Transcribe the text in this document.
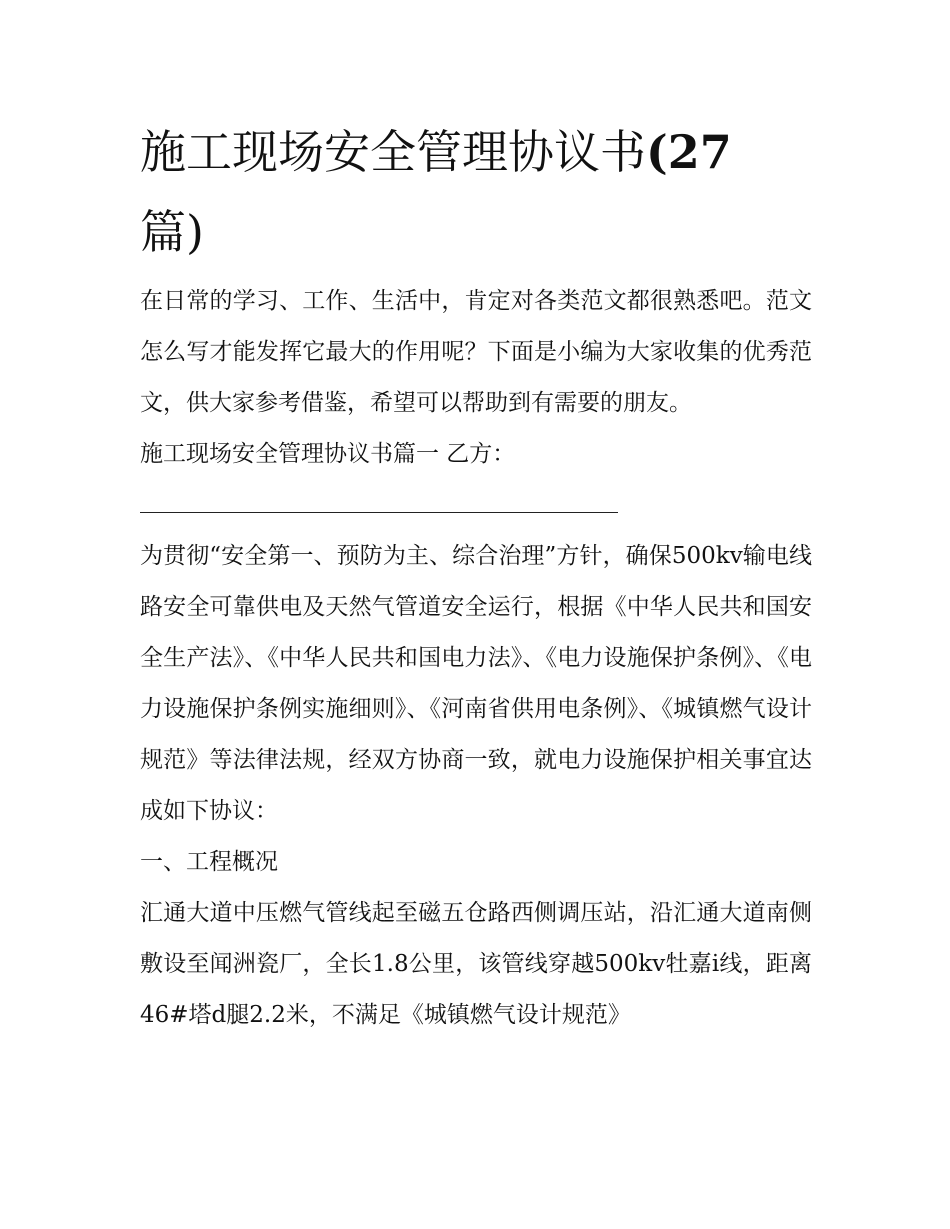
施工现场安全管理协议书(27
篇)

在日常的学习、工作、生活中，肯定对各类范文都很熟悉吧。范文怎么写才能发挥它最大的作用呢？下面是小编为大家收集的优秀范文，供大家参考借鉴，希望可以帮助到有需要的朋友。

施工现场安全管理协议书篇一 乙方：

为贯彻“安全第一、预防为主、综合治理”方针，确保500kv输电线路安全可靠供电及天然气管道安全运行，根据《中华人民共和国安全生产法》、《中华人民共和国电力法》、《电力设施保护条例》、《电力设施保护条例实施细则》、《河南省供用电条例》、《城镇燃气设计规范》等法律法规，经双方协商一致，就电力设施保护相关事宜达成如下协议：

一、工程概况

汇通大道中压燃气管线起至磁五仓路西侧调压站，沿汇通大道南侧敷设至闻洲瓷厂，全长1.8公里，该管线穿越500kv牡嘉ⅰ线，距离46#塔d腿2.2米，不满足《城镇燃气设计规范》
